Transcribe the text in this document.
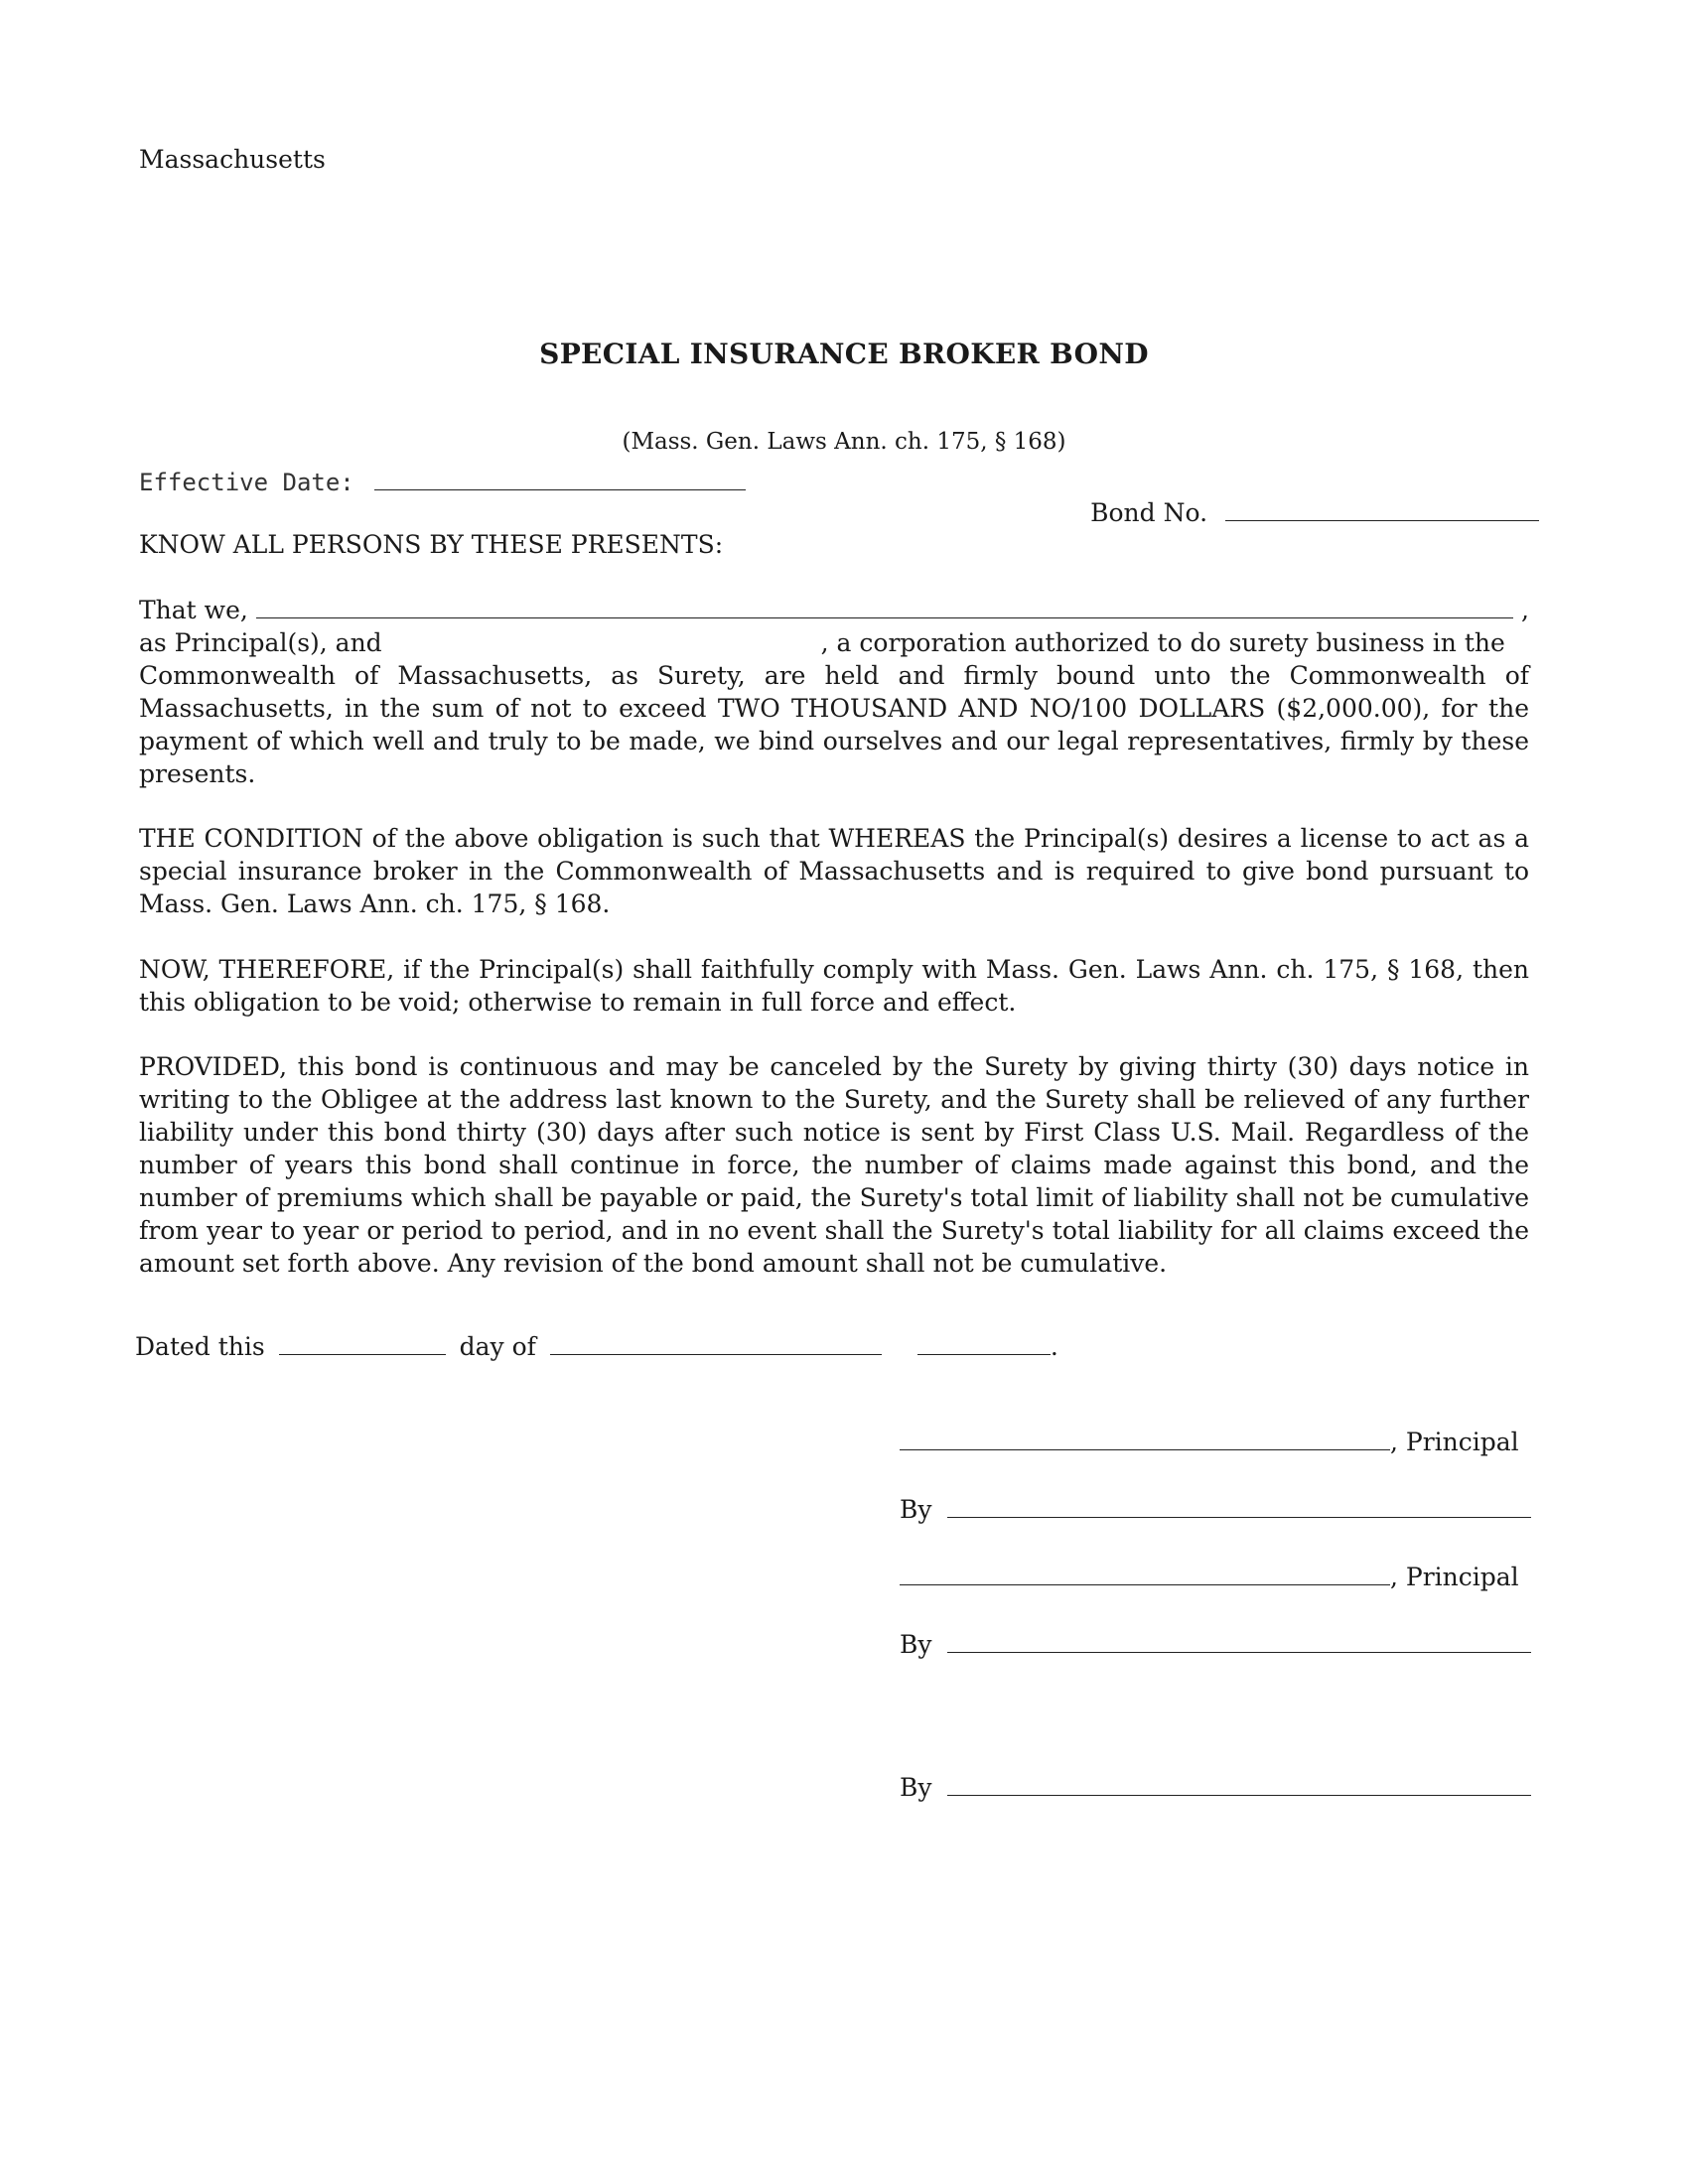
Massachusetts
SPECIAL INSURANCE BROKER BOND
(Mass. Gen. Laws Ann. ch. 175, § 168)
Effective Date:
Bond No.
KNOW ALL PERSONS BY THESE PRESENTS:
That we,	,
as Principal(s), and	, a corporation authorized to do surety business in the

Commonwealth of Massachusetts, as Surety, are held and firmly bound unto the Commonwealth of Massachusetts, in the sum of not to exceed TWO THOUSAND AND NO/100 DOLLARS ($2,000.00), for the payment of which well and truly to be made, we bind ourselves and our legal representatives, firmly by these presents.

THE CONDITION of the above obligation is such that WHEREAS the Principal(s) desires a license to act as a special insurance broker in the Commonwealth of Massachusetts and is required to give bond pursuant to Mass. Gen. Laws Ann. ch. 175, § 168.

NOW, THEREFORE, if the Principal(s) shall faithfully comply with Mass. Gen. Laws Ann. ch. 175, § 168, then this obligation to be void; otherwise to remain in full force and effect.

PROVIDED, this bond is continuous and may be canceled by the Surety by giving thirty (30) days notice in writing to the Obligee at the address last known to the Surety, and the Surety shall be relieved of any further liability under this bond thirty (30) days after such notice is sent by First Class U.S. Mail. Regardless of the number of years this bond shall continue in force, the number of claims made against this bond, and the number of premiums which shall be payable or paid, the Surety's total limit of liability shall not be cumulative from year to year or period to period, and in no event shall the Surety's total liability for all claims exceed the amount set forth above. Any revision of the bond amount shall not be cumulative.

Dated this	day of	.
, Principal
By
, Principal
By
By
